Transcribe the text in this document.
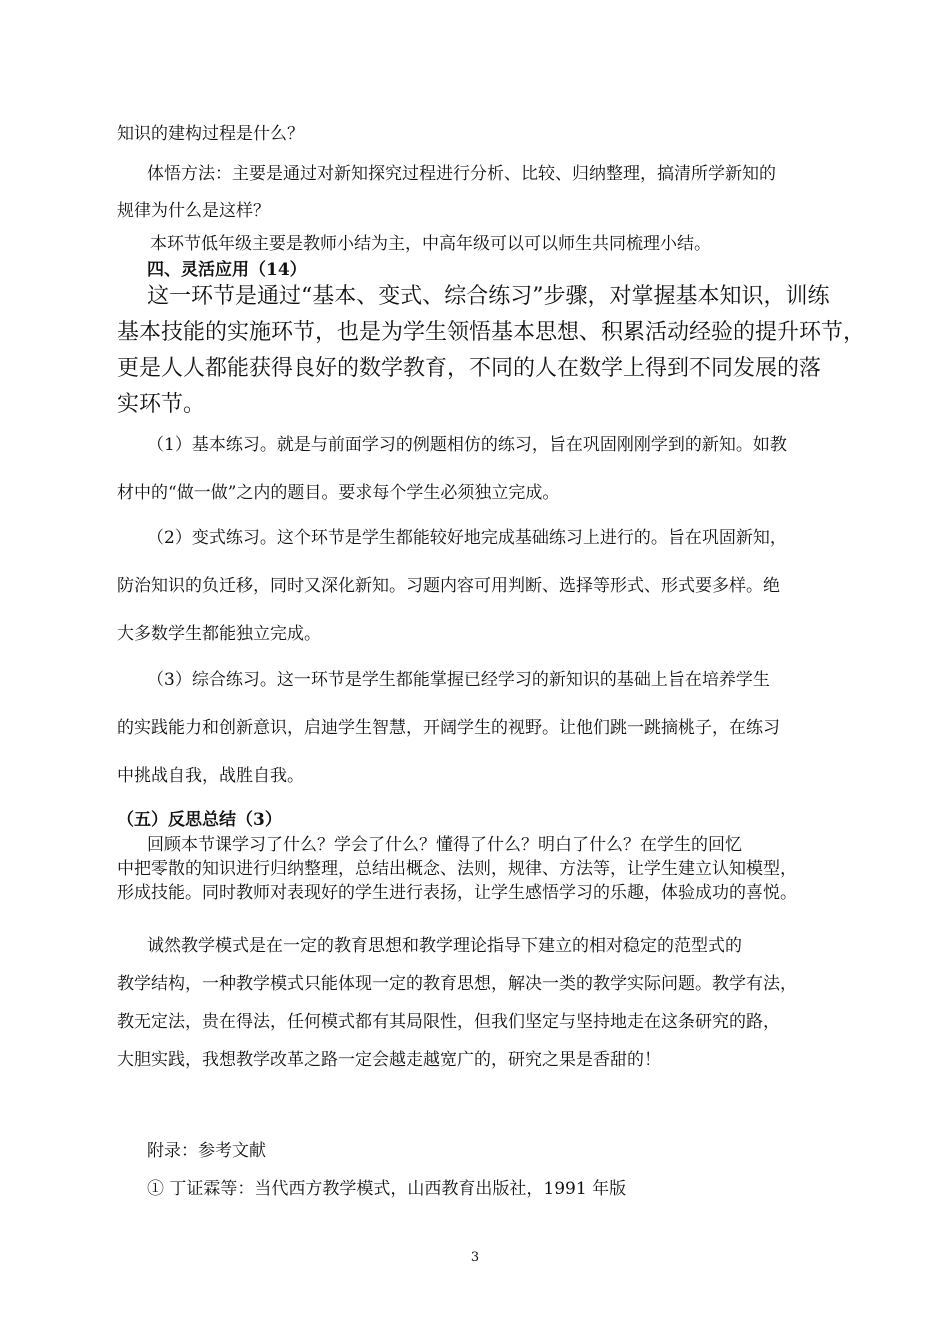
知识的建构过程是什么？
体悟方法：主要是通过对新知探究过程进行分析、比较、归纳整理，搞清所学新知的
规律为什么是这样？
本环节低年级主要是教师小结为主，中高年级可以可以师生共同梳理小结。
四、灵活应用（14）
这一环节是通过“基本、变式、综合练习”步骤，对掌握基本知识，训练
基本技能的实施环节，也是为学生领悟基本思想、积累活动经验的提升环节，
更是人人都能获得良好的数学教育，不同的人在数学上得到不同发展的落
实环节。
（1）基本练习。就是与前面学习的例题相仿的练习，旨在巩固刚刚学到的新知。如教
材中的“做一做”之内的题目。要求每个学生必须独立完成。
（2）变式练习。这个环节是学生都能较好地完成基础练习上进行的。旨在巩固新知，
防治知识的负迁移，同时又深化新知。习题内容可用判断、选择等形式、形式要多样。绝
大多数学生都能独立完成。
（3）综合练习。这一环节是学生都能掌握已经学习的新知识的基础上旨在培养学生
的实践能力和创新意识，启迪学生智慧，开阔学生的视野。让他们跳一跳摘桃子，在练习
中挑战自我，战胜自我。
（五）反思总结（3）
回顾本节课学习了什么？学会了什么？懂得了什么？明白了什么？在学生的回忆
中把零散的知识进行归纳整理，总结出概念、法则，规律、方法等，让学生建立认知模型，
形成技能。同时教师对表现好的学生进行表扬，让学生感悟学习的乐趣，体验成功的喜悦。
诚然教学模式是在一定的教育思想和教学理论指导下建立的相对稳定的范型式的
教学结构，一种教学模式只能体现一定的教育思想，解决一类的教学实际问题。教学有法，
教无定法，贵在得法，任何模式都有其局限性，但我们坚定与坚持地走在这条研究的路，
大胆实践，我想教学改革之路一定会越走越宽广的，研究之果是香甜的！
附录：参考文献
① 丁证霖等：当代西方教学模式，山西教育出版社，1991 年版
3
